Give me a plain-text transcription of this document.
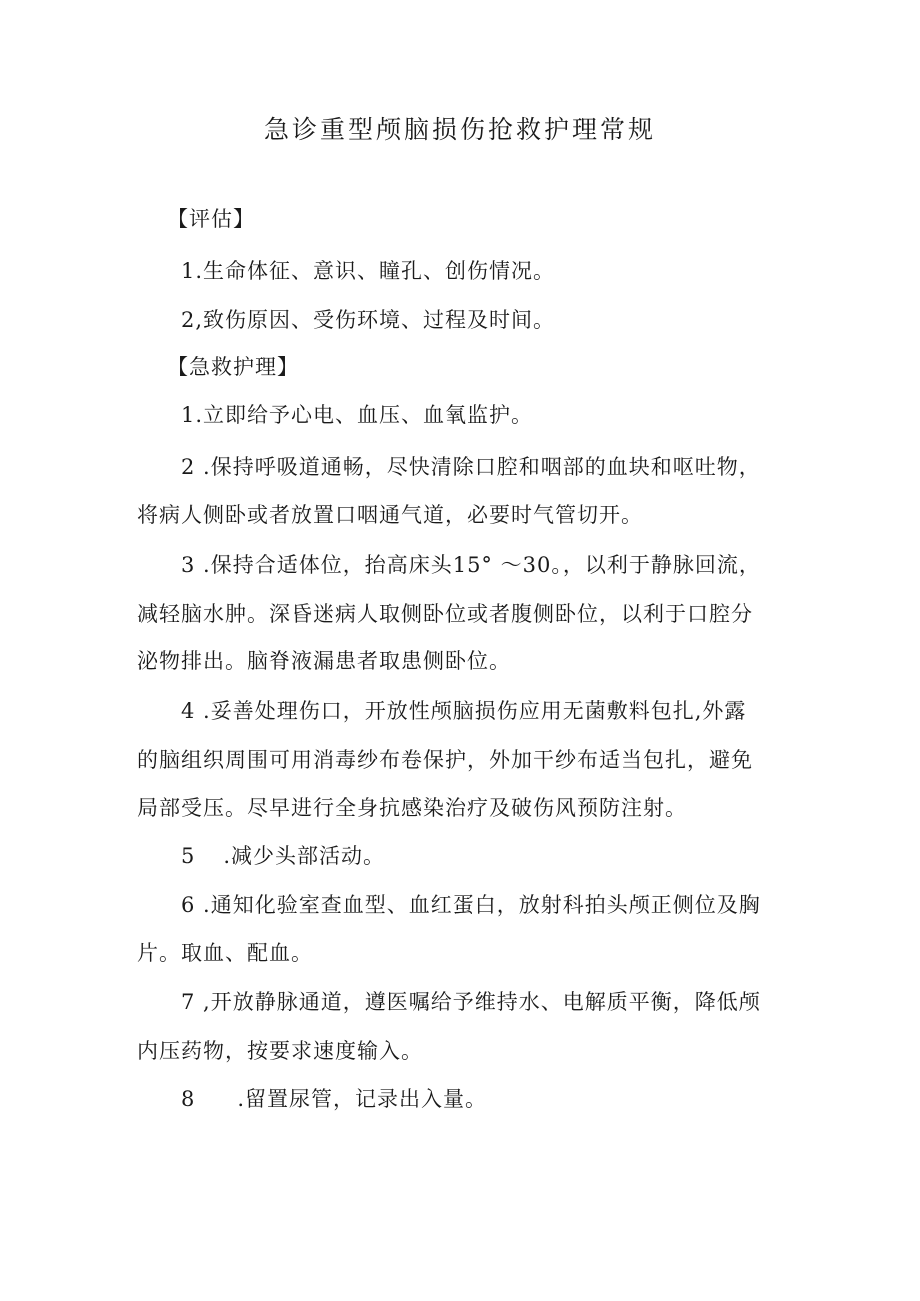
急诊重型颅脑损伤抢救护理常规
【评估】
1.生命体征、意识、瞳孔、创伤情况。
2,致伤原因、受伤环境、过程及时间。
【急救护理】
1.立即给予心电、血压、血氧监护。
2 .保持呼吸道通畅，尽快清除口腔和咽部的血块和呕吐物，
将病人侧卧或者放置口咽通气道，必要时气管切开。
3 .保持合适体位，抬高床头15° ～30。，以利于静脉回流，
减轻脑水肿。深昏迷病人取侧卧位或者腹侧卧位，以利于口腔分
泌物排出。脑脊液漏患者取患侧卧位。
4 .妥善处理伤口，开放性颅脑损伤应用无菌敷料包扎,外露
的脑组织周围可用消毒纱布卷保护，外加干纱布适当包扎，避免
局部受压。尽早进行全身抗感染治疗及破伤风预防注射。
5 .减少头部活动。
6 .通知化验室查血型、血红蛋白，放射科拍头颅正侧位及胸
片。取血、配血。
7 ,开放静脉通道，遵医嘱给予维持水、电解质平衡，降低颅
内压药物，按要求速度输入。
8 .留置尿管，记录出入量。
